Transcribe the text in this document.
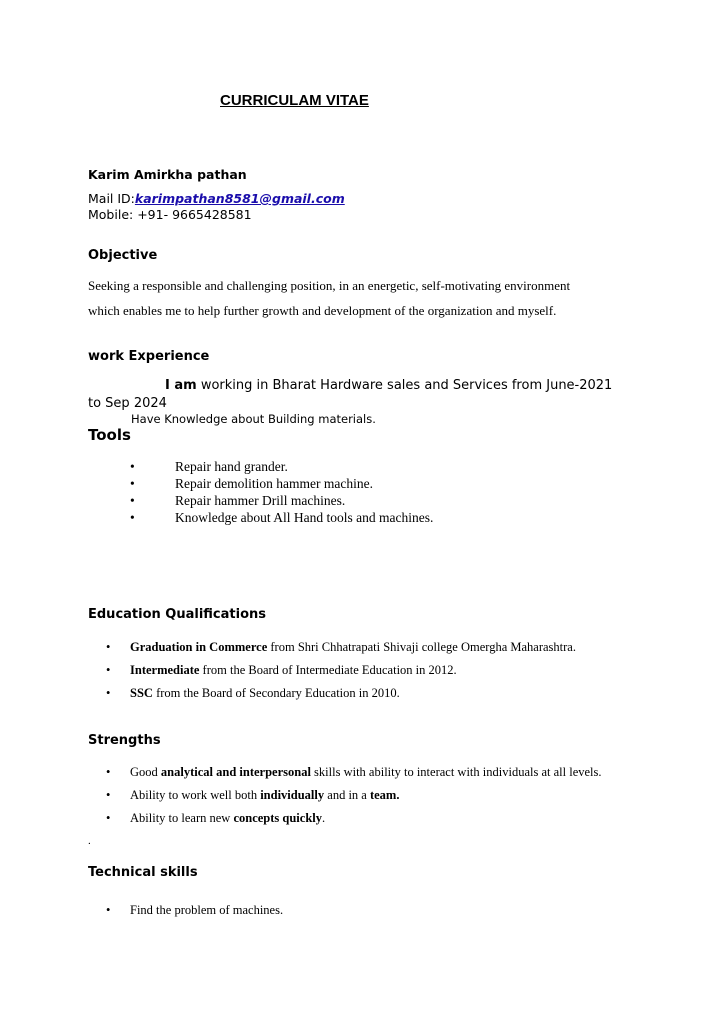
CURRICULAM VITAE
Karim Amirkha pathan
Mail ID:karimpathan8581@gmail.com
Mobile: +91- 9665428581
Objective
Seeking a responsible and challenging position, in an energetic, self-motivating environment
which enables me to help further growth and development of the organization and myself.
work Experience
I am working in Bharat Hardware sales and Services from June-2021
to Sep 2024
Have Knowledge about Building materials.
Tools
•	Repair hand grander.
•	Repair demolition hammer machine.
•	Repair hammer Drill machines.
•	Knowledge about All Hand tools and machines.
Education Qualifications
• Graduation in Commerce from Shri Chhatrapati Shivaji college Omergha Maharashtra.
• Intermediate from the Board of Intermediate Education in 2012.
• SSC from the Board of Secondary Education in 2010.
Strengths
• Good analytical and interpersonal skills with ability to interact with individuals at all levels.
• Ability to work well both individually and in a team.
• Ability to learn new concepts quickly.
.
Technical skills
• Find the problem of machines.
